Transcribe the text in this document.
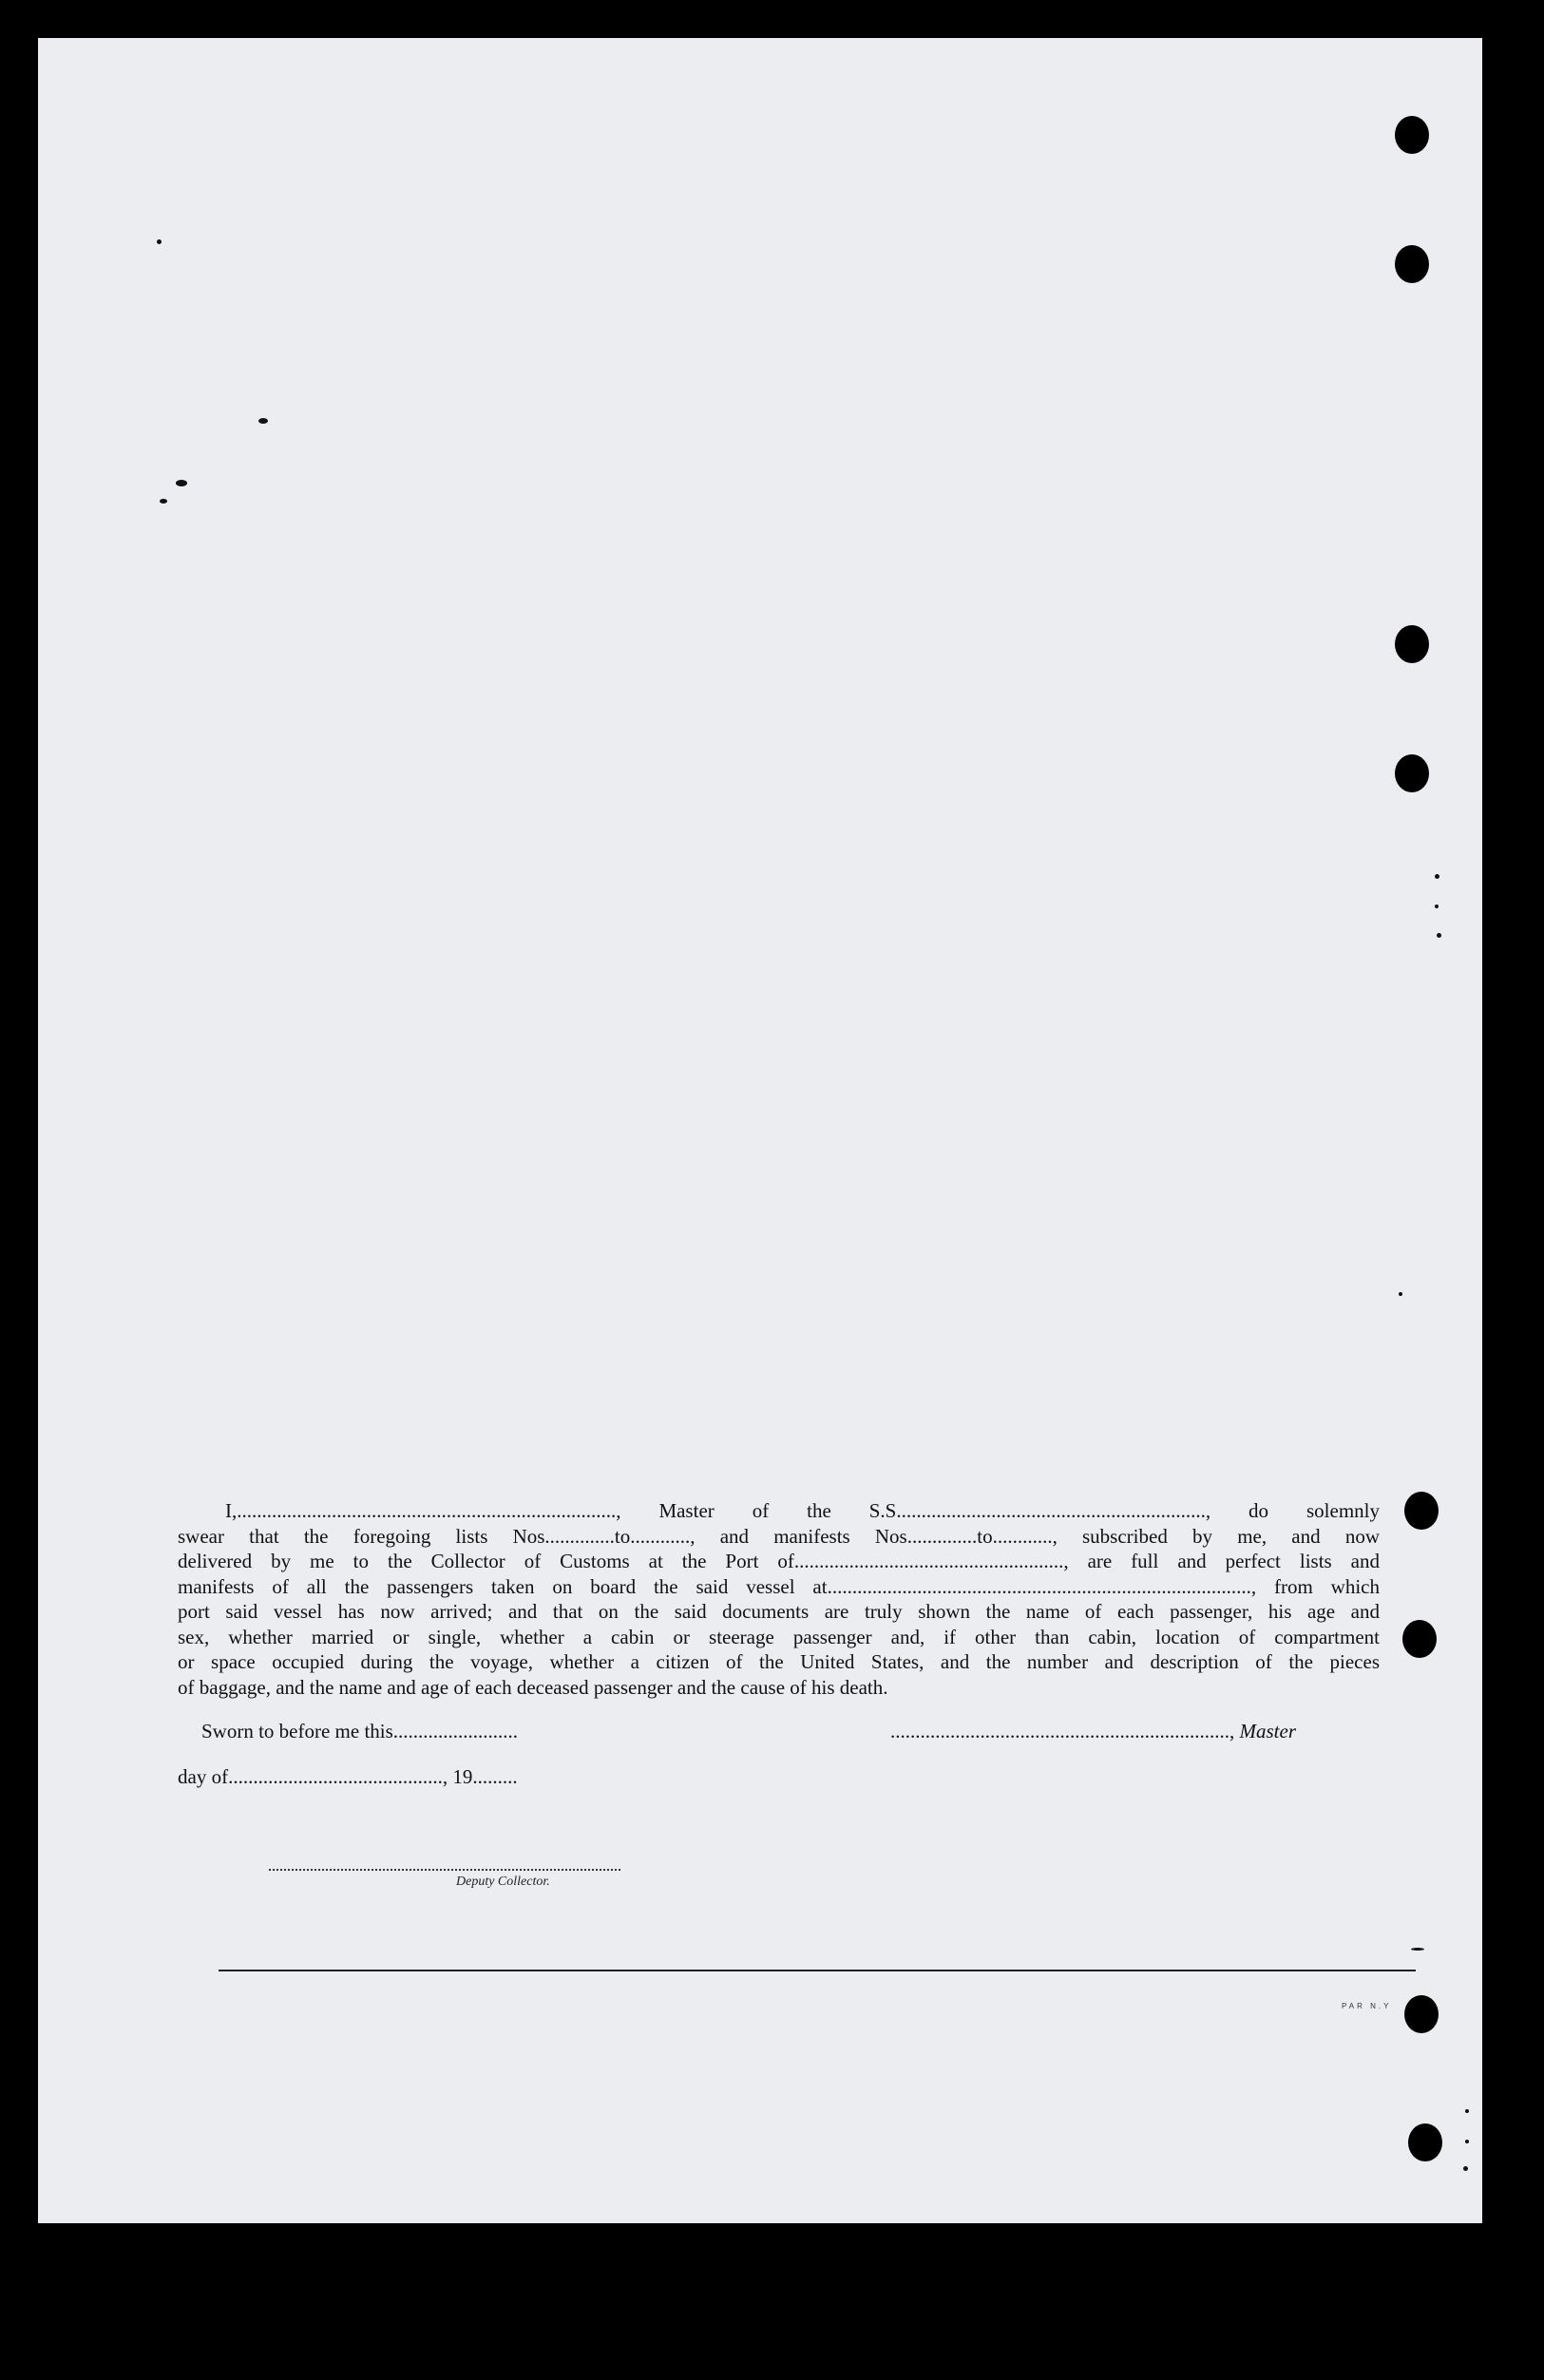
I,............................................................................, Master of the S.S.............................................................., do solemnly
swear that the foregoing lists Nos..............to............, and manifests Nos..............to............, subscribed by me, and now
delivered by me to the Collector of Customs at the Port of......................................................, are full and perfect lists and
manifests of all the passengers taken on board the said vessel at....................................................................................., from which
port said vessel has now arrived; and that on the said documents are truly shown the name of each passenger, his age and
sex, whether married or single, whether a cabin or steerage passenger and, if other than cabin, location of compartment
or space occupied during the voyage, whether a citizen of the United States, and the number and description of the pieces
of baggage, and the name and age of each deceased passenger and the cause of his death.
Sworn to before me this.........................	...................................................................., Master
day of..........................................., 19.........
Deputy Collector.
PAR N.Y
